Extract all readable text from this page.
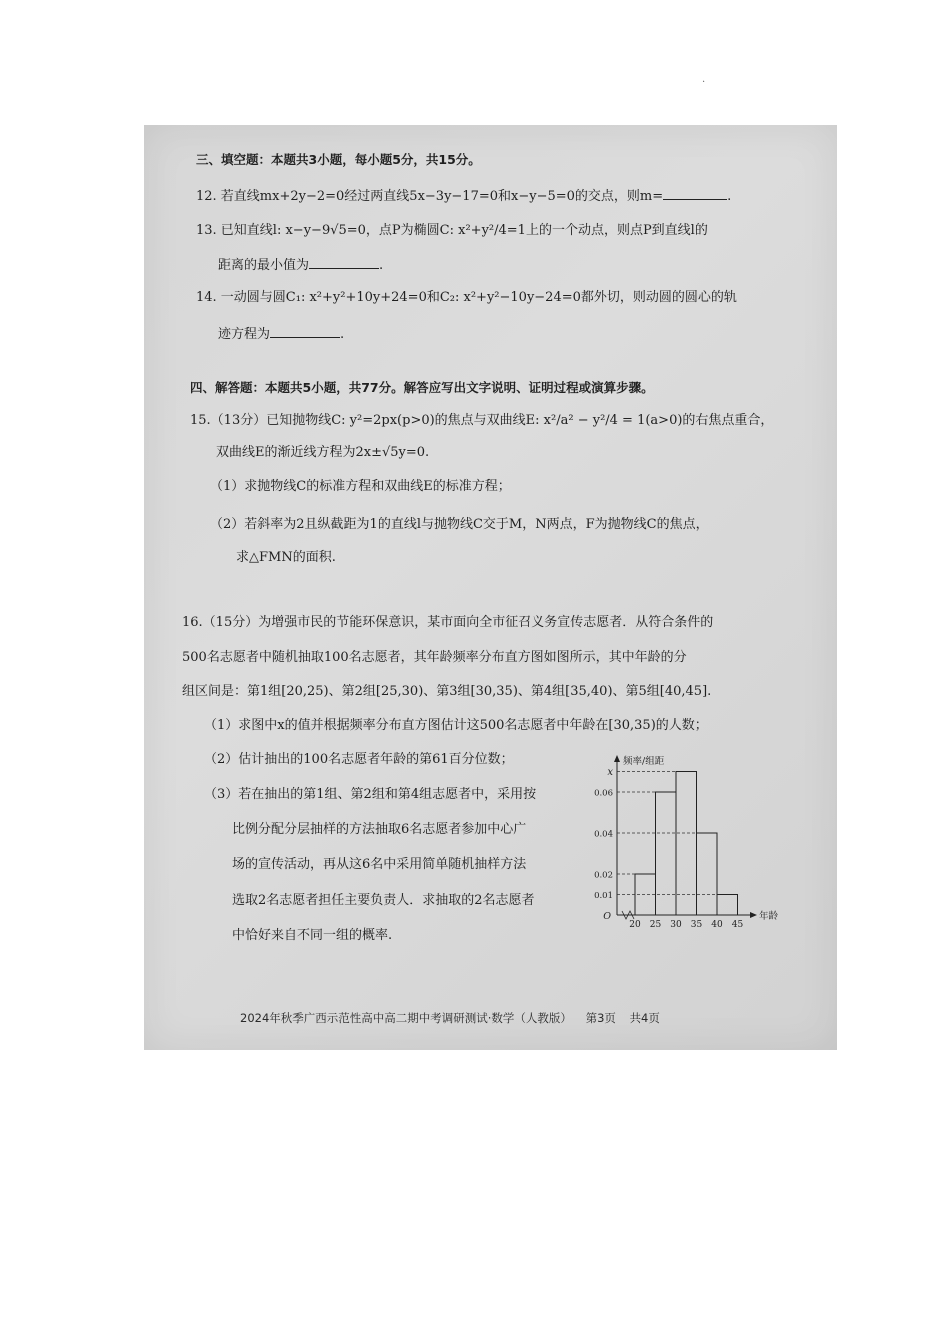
.
三、填空题：本题共3小题，每小题5分，共15分。
12. 若直线mx+2y−2=0经过两直线5x−3y−17=0和x−y−5=0的交点，则m=	.
13. 已知直线l: x−y−9√5=0，点P为椭圆C: x²+y²/4=1上的一个动点，则点P到直线l的
距离的最小值为	.
14. 一动圆与圆C₁: x²+y²+10y+24=0和C₂: x²+y²−10y−24=0都外切，则动圆的圆心的轨
迹方程为	.
四、解答题：本题共5小题，共77分。解答应写出文字说明、证明过程或演算步骤。
15.（13分）已知抛物线C: y²=2px(p>0)的焦点与双曲线E: x²/a² − y²/4 = 1(a>0)的右焦点重合，
双曲线E的渐近线方程为2x±√5y=0.
（1）求抛物线C的标准方程和双曲线E的标准方程；
（2）若斜率为2且纵截距为1的直线l与抛物线C交于M，N两点，F为抛物线C的焦点，
求△FMN的面积.
16.（15分）为增强市民的节能环保意识，某市面向全市征召义务宣传志愿者．从符合条件的
500名志愿者中随机抽取100名志愿者，其年龄频率分布直方图如图所示，其中年龄的分
组区间是：第1组[20,25)、第2组[25,30)、第3组[30,35)、第4组[35,40)、第5组[40,45].
（1）求图中x的值并根据频率分布直方图估计这500名志愿者中年龄在[30,35)的人数；
（2）估计抽出的100名志愿者年龄的第61百分位数；
（3）若在抽出的第1组、第2组和第4组志愿者中，采用按
比例分配分层抽样的方法抽取6名志愿者参加中心广
场的宣传活动，再从这6名中采用简单随机抽样方法
选取2名志愿者担任主要负责人．求抽取的2名志愿者
中恰好来自不同一组的概率.
0.01
0.02
0.04
0.06
x
20 25 30 35 40 45
O
频率/组距
年龄
2024年秋季广西示范性高中高二期中考调研测试·数学（人教版） 第3页 共4页
